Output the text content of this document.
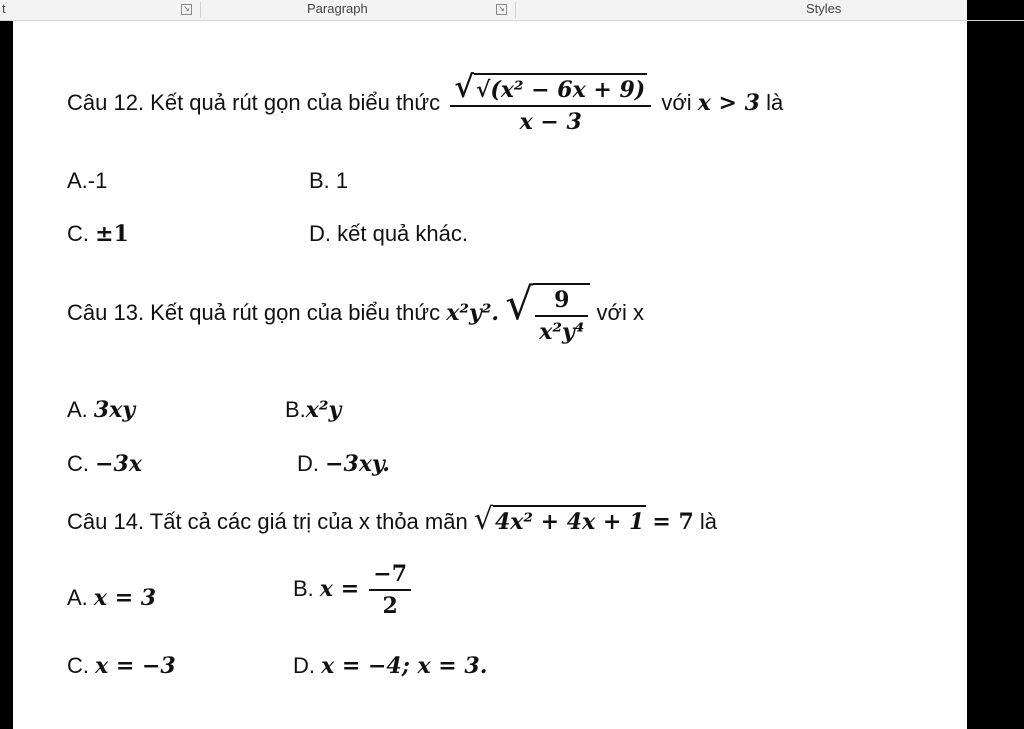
t	↘	Paragraph	↘	Styles
Câu 12. Kết quả rút gọn của biểu thức $\frac{\text{√ √(x² − 6x + 9)}}{x - 3}$ với x > 3 là
A.-1	B. 1
C. ±1	D. kết quả khác.
Câu 13. Kết quả rút gọn của biểu thức x²y². √ $\frac{9}{\text{x²y⁴}}$ với x
A. 3xy	B.x²y
C. −3x	D. −3xy.
Câu 14. Tất cả các giá trị của x thỏa mãn √ 4x² + 4x + 1 = 7 là
A. x = 3	B. $x = \frac{-7}{2}$
C. x = −3	D. x = −4; x = 3.
